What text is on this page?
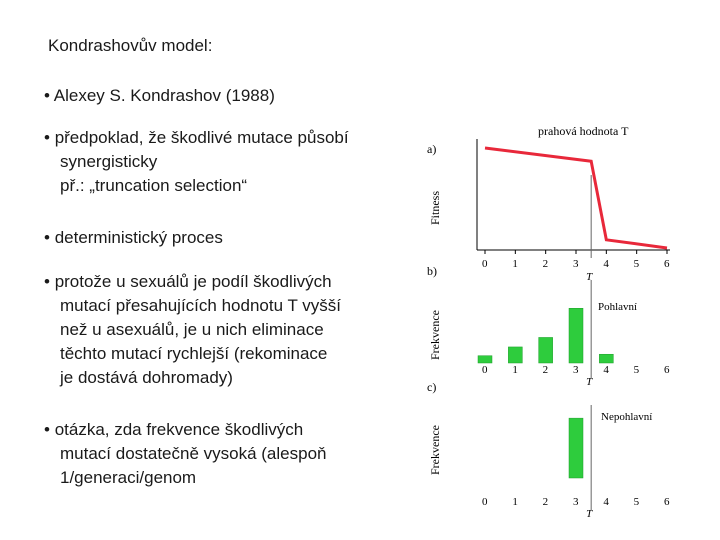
Kondrashovův model:
• Alexey S. Kondrashov (1988)
• předpoklad, že škodlivé mutace působí
synergisticky
př.: „truncation selection“
• deterministický proces
• protože u sexuálů je podíl škodlivých
mutací přesahujících hodnotu T vyšší
než u asexuálů, je u nich eliminace
těchto mutací rychlejší (rekominace
je dostává dohromady)
• otázka, zda frekvence škodlivých
mutací dostatečně vysoká (alespoň
1/generaci/genom
a)
Fitness
prahová hodnota T
0 1 2 3 4 5 6
T
b)
Frekvence
Pohlavní
0 1 2 3 4 5 6
T
c)
Frekvence
Nepohlavní
0 1 2 3 4 5 6
T
